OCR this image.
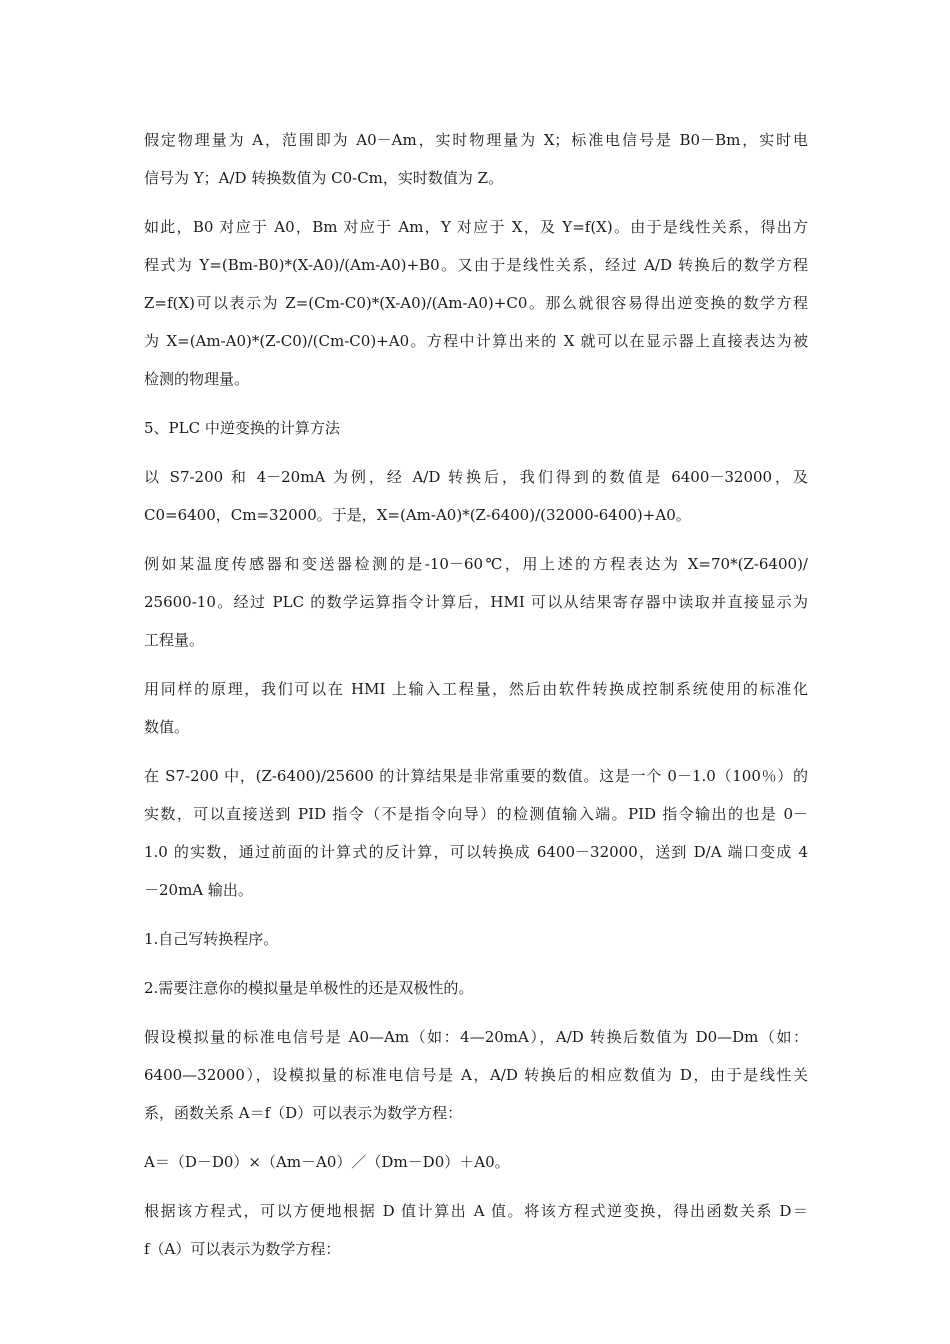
假定物理量为 A，范围即为 A0－Am，实时物理量为 X；标准电信号是 B0－Bm，实时电
信号为 Y；A/D 转换数值为 C0-Cm，实时数值为 Z。

如此，B0 对应于 A0，Bm 对应于 Am，Y 对应于 X，及 Y=f(X)。由于是线性关系，得出方
程式为 Y=(Bm-B0)*(X-A0)/(Am-A0)+B0。又由于是线性关系，经过 A/D 转换后的数学方程
Z=f(X)可以表示为 Z=(Cm-C0)*(X-A0)/(Am-A0)+C0。那么就很容易得出逆变换的数学方程
为 X=(Am-A0)*(Z-C0)/(Cm-C0)+A0。方程中计算出来的 X 就可以在显示器上直接表达为被
检测的物理量。

5、PLC 中逆变换的计算方法

以 S7-200 和 4－20mA 为例，经 A/D 转换后，我们得到的数值是 6400－32000，及
C0=6400，Cm=32000。于是，X=(Am-A0)*(Z-6400)/(32000-6400)+A0。

例如某温度传感器和变送器检测的是-10－60℃，用上述的方程表达为 X=70*(Z-6400)/
25600-10。经过 PLC 的数学运算指令计算后，HMI 可以从结果寄存器中读取并直接显示为
工程量。

用同样的原理，我们可以在 HMI 上输入工程量，然后由软件转换成控制系统使用的标准化
数值。

在 S7-200 中，(Z-6400)/25600 的计算结果是非常重要的数值。这是一个 0－1.0（100％）的
实数，可以直接送到 PID 指令（不是指令向导）的检测值输入端。PID 指令输出的也是 0－
1.0 的实数，通过前面的计算式的反计算，可以转换成 6400－32000，送到 D/A 端口变成 4
－20mA 输出。

1.自己写转换程序。

2.需要注意你的模拟量是单极性的还是双极性的。

假设模拟量的标准电信号是 A0—Am（如：4—20mA），A/D 转换后数值为 D0—Dm（如：
6400—32000），设模拟量的标准电信号是 A，A/D 转换后的相应数值为 D，由于是线性关
系，函数关系 A＝f（D）可以表示为数学方程：

A＝（D－D0）×（Am－A0）／（Dm－D0）＋A0。

根据该方程式，可以方便地根据 D 值计算出 A 值。将该方程式逆变换，得出函数关系 D＝
f（A）可以表示为数学方程：
